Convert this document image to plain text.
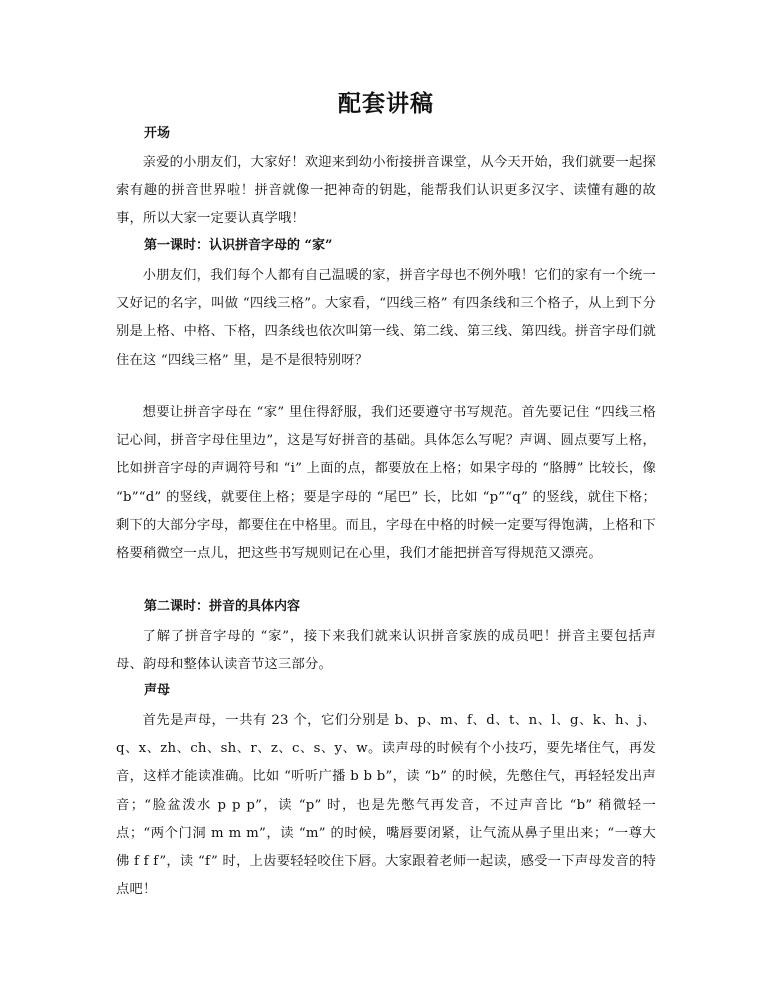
配套讲稿
开场

亲爱的小朋友们，大家好！欢迎来到幼小衔接拼音课堂，从今天开始，我们就要一起探索有趣的拼音世界啦！拼音就像一把神奇的钥匙，能帮我们认识更多汉字、读懂有趣的故事，所以大家一定要认真学哦！

第一课时：认识拼音字母的 “家”

小朋友们，我们每个人都有自己温暖的家，拼音字母也不例外哦！它们的家有一个统一又好记的名字，叫做 “四线三格”。大家看，“四线三格” 有四条线和三个格子，从上到下分别是上格、中格、下格，四条线也依次叫第一线、第二线、第三线、第四线。拼音字母们就住在这 “四线三格” 里，是不是很特别呀？

想要让拼音字母在 “家” 里住得舒服，我们还要遵守书写规范。首先要记住 “四线三格记心间，拼音字母住里边”，这是写好拼音的基础。具体怎么写呢？声调、圆点要写上格，比如拼音字母的声调符号和 “i” 上面的点，都要放在上格；如果字母的 “胳膊” 比较长，像 “b”“d” 的竖线，就要住上格；要是字母的 “尾巴” 长，比如 “p”“q” 的竖线，就住下格；剩下的大部分字母，都要住在中格里。而且，字母在中格的时候一定要写得饱满，上格和下格要稍微空一点儿，把这些书写规则记在心里，我们才能把拼音写得规范又漂亮。

第二课时：拼音的具体内容

了解了拼音字母的 “家”，接下来我们就来认识拼音家族的成员吧！拼音主要包括声母、韵母和整体认读音节这三部分。

声母

首先是声母，一共有 23 个，它们分别是 b、p、m、f、d、t、n、l、g、k、h、j、q、x、zh、ch、sh、r、z、c、s、y、w。读声母的时候有个小技巧，要先堵住气，再发音，这样才能读准确。比如 “听听广播 b b b”，读 “b” 的时候，先憋住气，再轻轻发出声音；“脸盆泼水 p p p”，读 “p” 时，也是先憋气再发音，不过声音比 “b” 稍微轻一点；“两个门洞 m m m”，读 “m” 的时候，嘴唇要闭紧，让气流从鼻子里出来；“一尊大佛 f f f”，读 “f” 时，上齿要轻轻咬住下唇。大家跟着老师一起读，感受一下声母发音的特点吧！
